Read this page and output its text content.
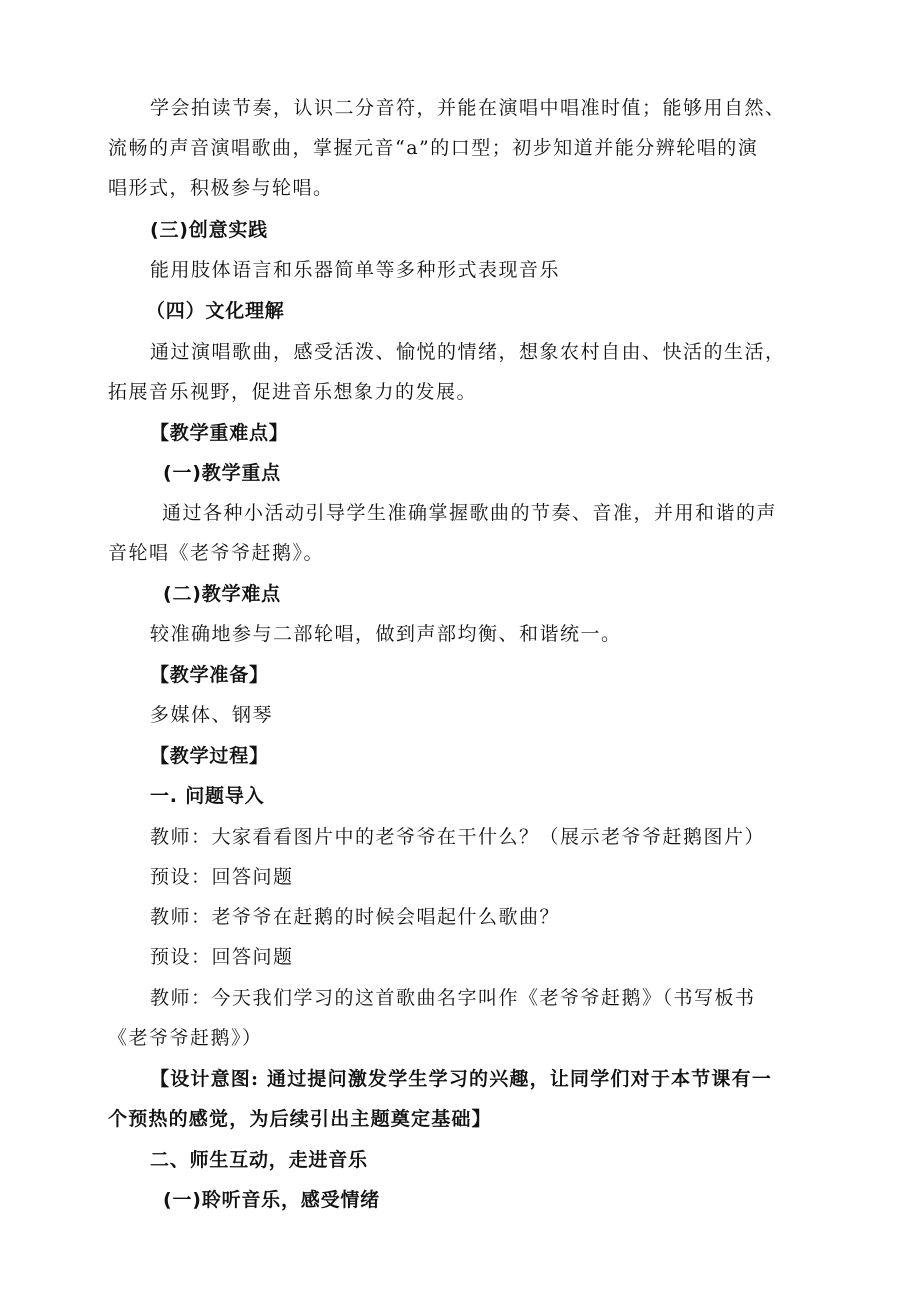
学会拍读节奏，认识二分音符，并能在演唱中唱准时值；能够用自然、
流畅的声音演唱歌曲，掌握元音“a”的口型；初步知道并能分辨轮唱的演
唱形式，积极参与轮唱。
(三)创意实践
能用肢体语言和乐器简单等多种形式表现音乐
（四）文化理解
通过演唱歌曲，感受活泼、愉悦的情绪，想象农村自由、快活的生活，
拓展音乐视野，促进音乐想象力的发展。
【教学重难点】
(一)教学重点
通过各种小活动引导学生准确掌握歌曲的节奏、音准，并用和谐的声
音轮唱《老爷爷赶鹅》。
(二)教学难点
较准确地参与二部轮唱，做到声部均衡、和谐统一。
【教学准备】
多媒体、钢琴
【教学过程】
一. 问题导入
教师：大家看看图片中的老爷爷在干什么？（展示老爷爷赶鹅图片）
预设：回答问题
教师：老爷爷在赶鹅的时候会唱起什么歌曲？
预设：回答问题
教师：今天我们学习的这首歌曲名字叫作《老爷爷赶鹅》（书写板书
《老爷爷赶鹅》）
【设计意图: 通过提问激发学生学习的兴趣，让同学们对于本节课有一
个预热的感觉，为后续引出主题奠定基础】
二、师生互动，走进音乐
(一)聆听音乐，感受情绪
